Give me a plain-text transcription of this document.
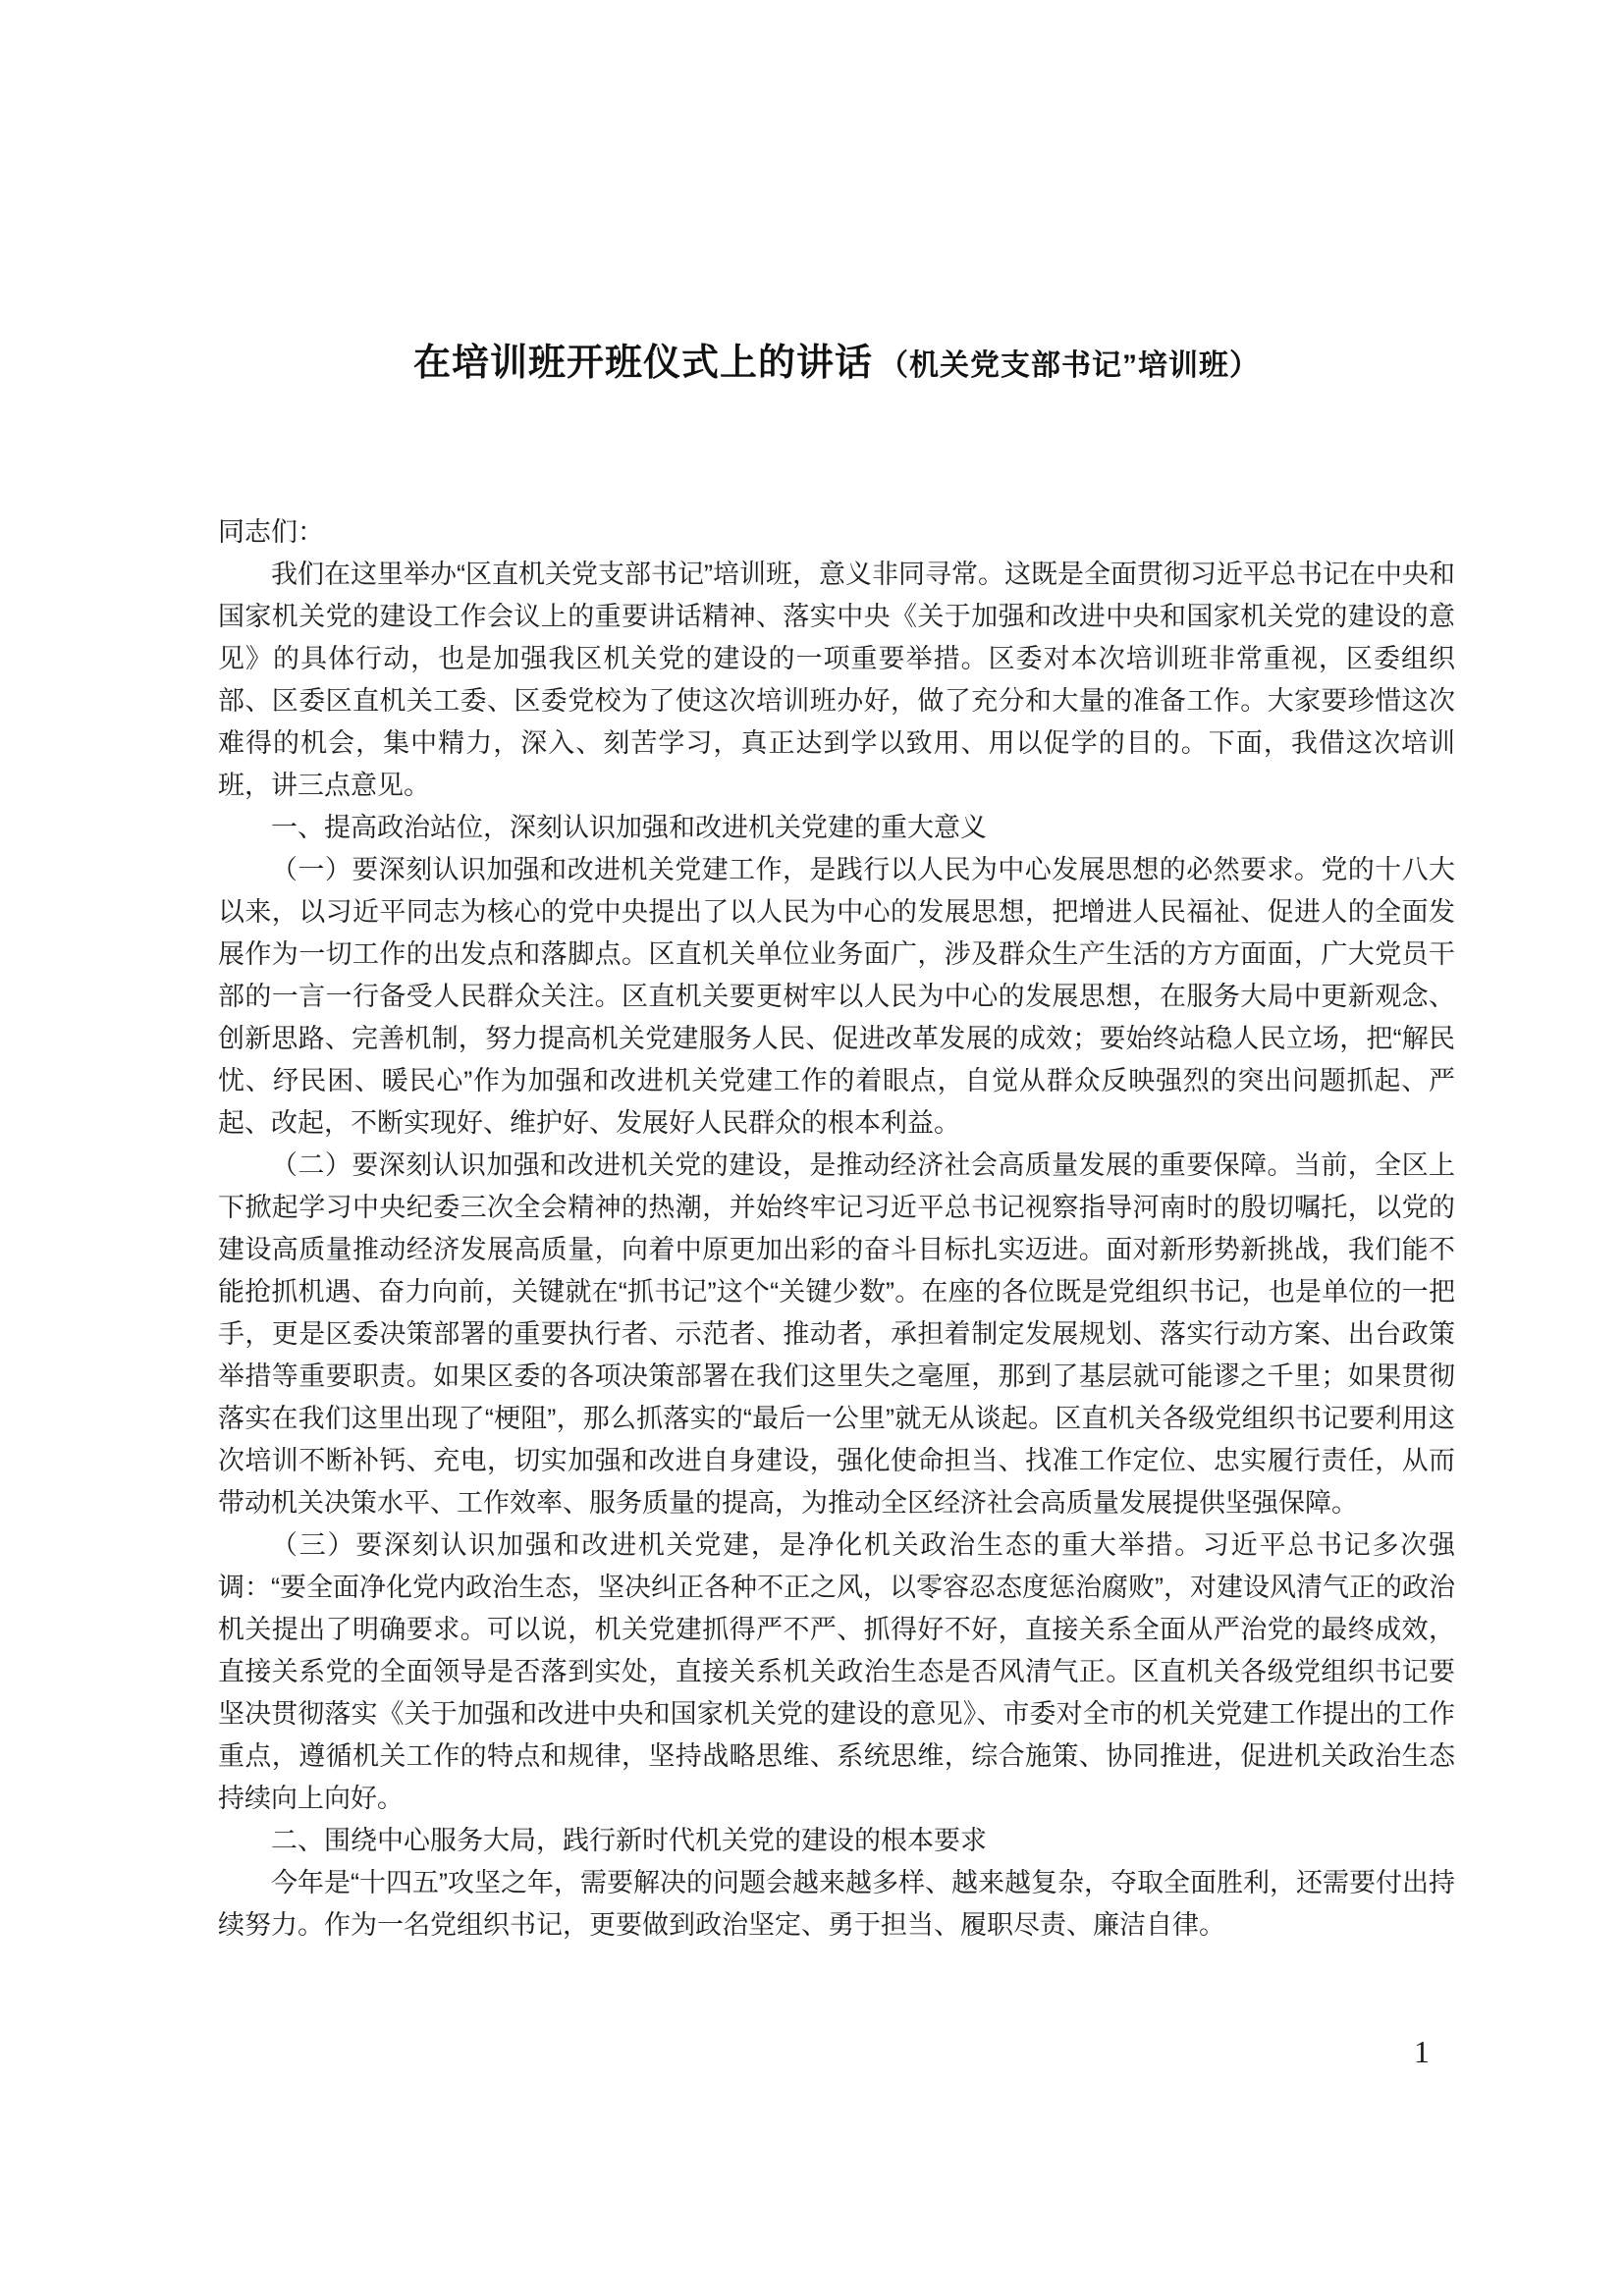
在培训班开班仪式上的讲话 （机关党支部书记”培训班）

同志们：

我们在这里举办“区直机关党支部书记”培训班，意义非同寻常。这既是全面贯彻习近平总书记在中央和国家机关党的建设工作会议上的重要讲话精神、落实中央《关于加强和改进中央和国家机关党的建设的意见》的具体行动，也是加强我区机关党的建设的一项重要举措。区委对本次培训班非常重视，区委组织部、区委区直机关工委、区委党校为了使这次培训班办好，做了充分和大量的准备工作。大家要珍惜这次难得的机会，集中精力，深入、刻苦学习，真正达到学以致用、用以促学的目的。下面，我借这次培训班，讲三点意见。

一、提高政治站位，深刻认识加强和改进机关党建的重大意义

（一）要深刻认识加强和改进机关党建工作，是践行以人民为中心发展思想的必然要求。党的十八大以来，以习近平同志为核心的党中央提出了以人民为中心的发展思想，把增进人民福祉、促进人的全面发展作为一切工作的出发点和落脚点。区直机关单位业务面广，涉及群众生产生活的方方面面，广大党员干部的一言一行备受人民群众关注。区直机关要更树牢以人民为中心的发展思想，在服务大局中更新观念、创新思路、完善机制，努力提高机关党建服务人民、促进改革发展的成效；要始终站稳人民立场，把“解民忧、纾民困、暖民心”作为加强和改进机关党建工作的着眼点，自觉从群众反映强烈的突出问题抓起、严起、改起，不断实现好、维护好、发展好人民群众的根本利益。

（二）要深刻认识加强和改进机关党的建设，是推动经济社会高质量发展的重要保障。当前，全区上下掀起学习中央纪委三次全会精神的热潮，并始终牢记习近平总书记视察指导河南时的殷切嘱托，以党的建设高质量推动经济发展高质量，向着中原更加出彩的奋斗目标扎实迈进。面对新形势新挑战，我们能不能抢抓机遇、奋力向前，关键就在“抓书记”这个“关键少数”。在座的各位既是党组织书记，也是单位的一把手，更是区委决策部署的重要执行者、示范者、推动者，承担着制定发展规划、落实行动方案、出台政策举措等重要职责。如果区委的各项决策部署在我们这里失之毫厘，那到了基层就可能谬之千里；如果贯彻落实在我们这里出现了“梗阻”，那么抓落实的“最后一公里”就无从谈起。区直机关各级党组织书记要利用这次培训不断补钙、充电，切实加强和改进自身建设，强化使命担当、找准工作定位、忠实履行责任，从而带动机关决策水平、工作效率、服务质量的提高，为推动全区经济社会高质量发展提供坚强保障。

（三）要深刻认识加强和改进机关党建，是净化机关政治生态的重大举措。习近平总书记多次强调：“要全面净化党内政治生态，坚决纠正各种不正之风，以零容忍态度惩治腐败”，对建设风清气正的政治机关提出了明确要求。可以说，机关党建抓得严不严、抓得好不好，直接关系全面从严治党的最终成效，直接关系党的全面领导是否落到实处，直接关系机关政治生态是否风清气正。区直机关各级党组织书记要坚决贯彻落实《关于加强和改进中央和国家机关党的建设的意见》、市委对全市的机关党建工作提出的工作重点，遵循机关工作的特点和规律，坚持战略思维、系统思维，综合施策、协同推进，促进机关政治生态持续向上向好。

二、围绕中心服务大局，践行新时代机关党的建设的根本要求

今年是“十四五”攻坚之年，需要解决的问题会越来越多样、越来越复杂，夺取全面胜利，还需要付出持续努力。作为一名党组织书记，更要做到政治坚定、勇于担当、履职尽责、廉洁自律。

1
